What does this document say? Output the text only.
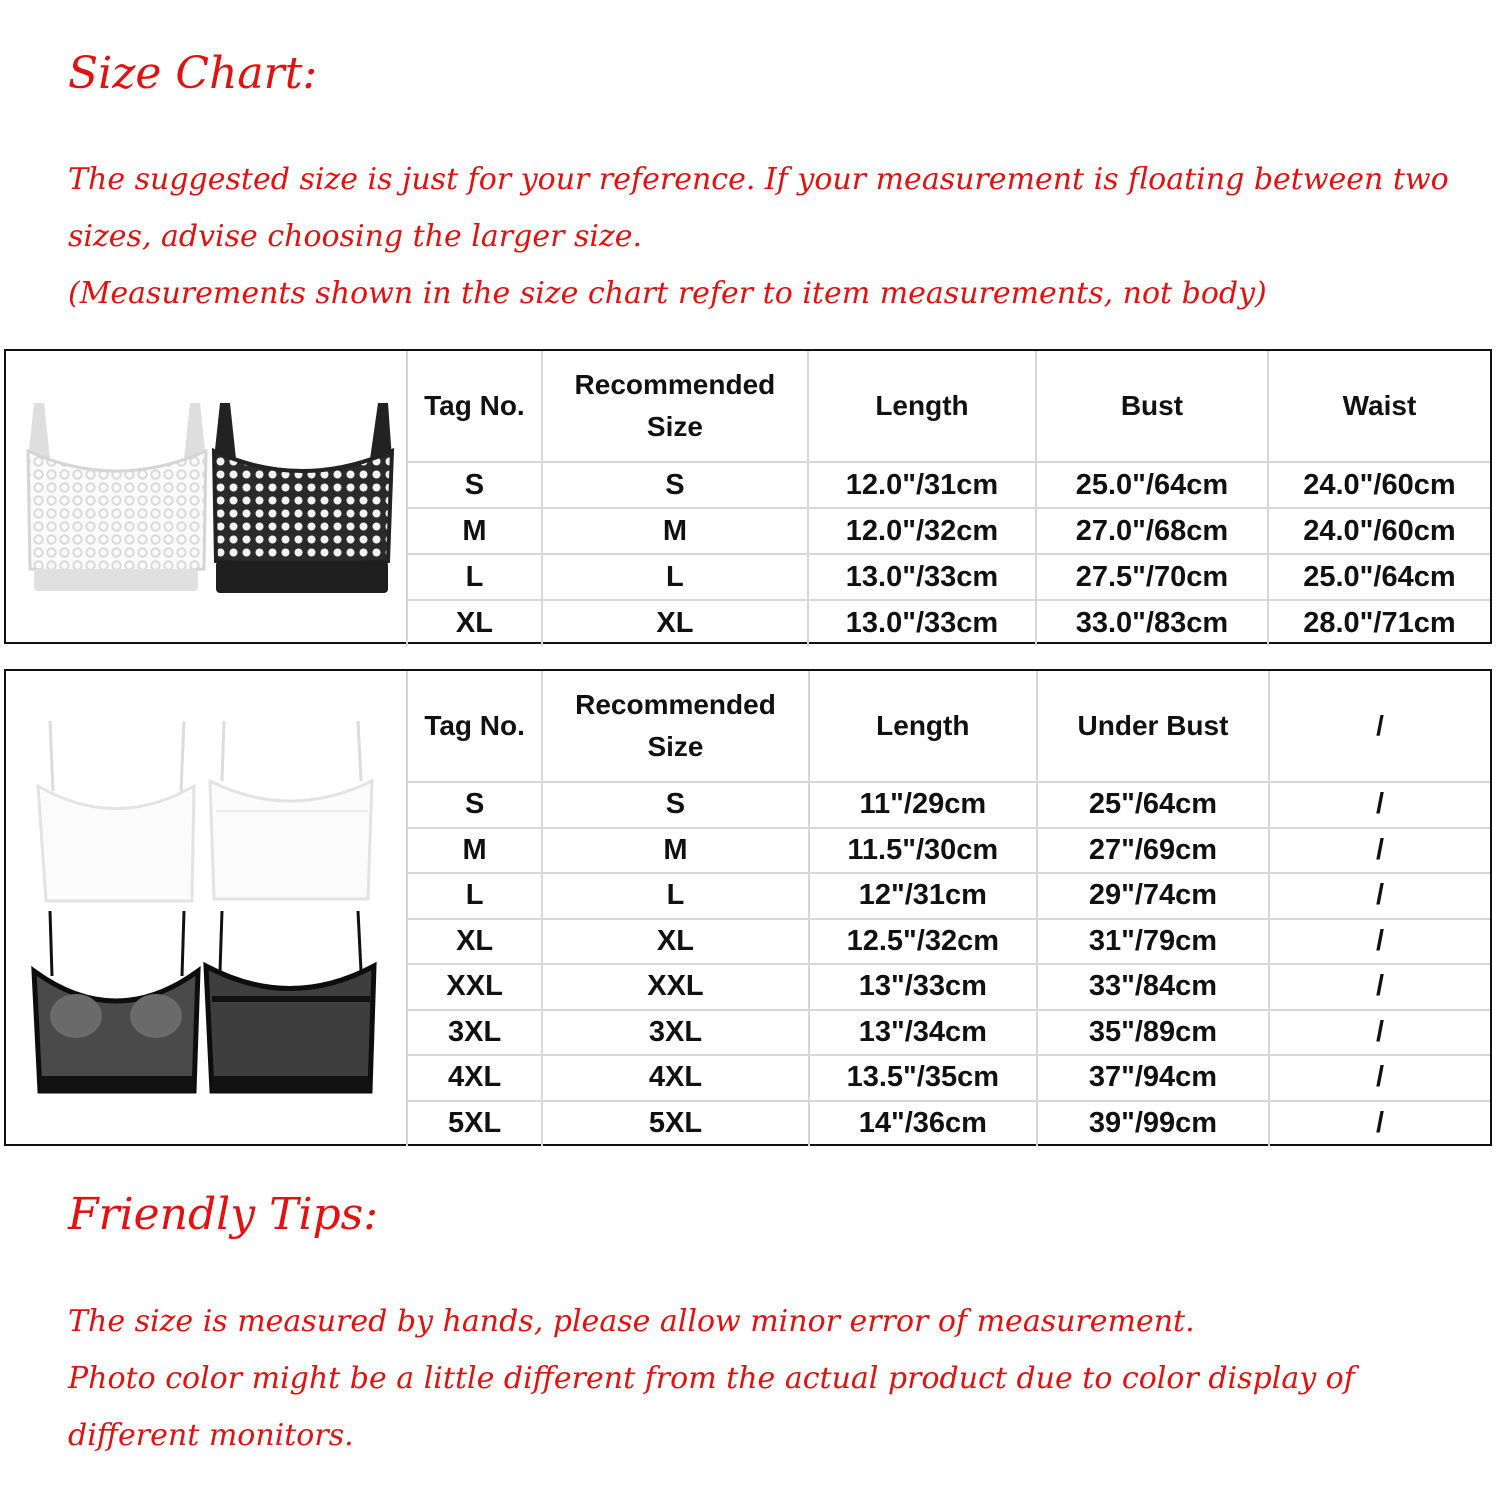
Size Chart:
The suggested size is just for your reference. If your measurement is floating between two
sizes, advise choosing the larger size.
(Measurements shown in the size chart refer to item measurements, not body)
Tag No.	Recommended Size	Length	Bust	Waist
S	S	12.0"/31cm	25.0"/64cm	24.0"/60cm
M	M	12.0"/32cm	27.0"/68cm	24.0"/60cm
L	L	13.0"/33cm	27.5"/70cm	25.0"/64cm
XL	XL	13.0"/33cm	33.0"/83cm	28.0"/71cm
Tag No.	Recommended Size	Length	Under Bust	/
S	S	11"/29cm	25"/64cm	/
M	M	11.5"/30cm	27"/69cm	/
L	L	12"/31cm	29"/74cm	/
XL	XL	12.5"/32cm	31"/79cm	/
XXL	XXL	13"/33cm	33"/84cm	/
3XL	3XL	13"/34cm	35"/89cm	/
4XL	4XL	13.5"/35cm	37"/94cm	/
5XL	5XL	14"/36cm	39"/99cm	/
Friendly Tips:
The size is measured by hands, please allow minor error of measurement.
Photo color might be a little different from the actual product due to color display of
different monitors.
